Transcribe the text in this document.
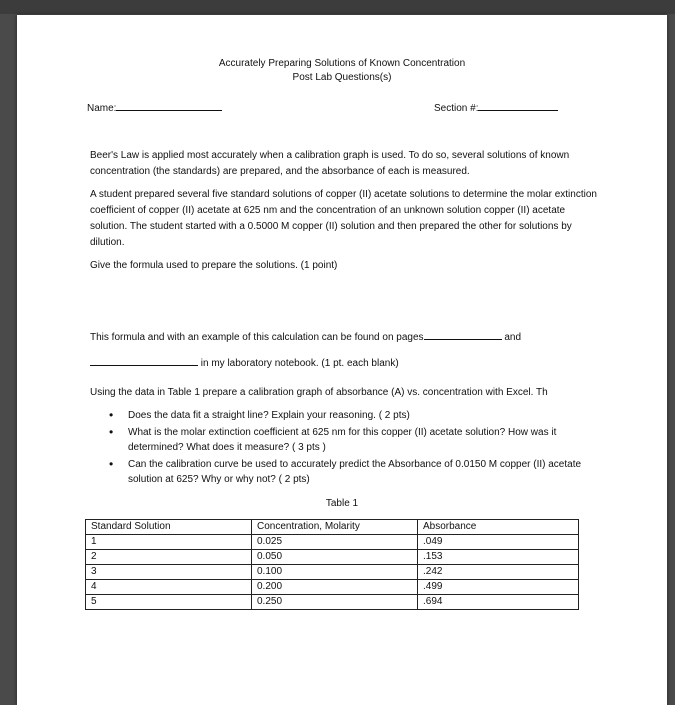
Accurately Preparing Solutions of Known Concentration
Post Lab Questions(s)
Name:	Section #:
Beer's Law is applied most accurately when a calibration graph is used. To do so, several solutions of known concentration (the standards) are prepared, and the absorbance of each is measured.
A student prepared several five standard solutions of copper (II) acetate solutions to determine the molar extinction coefficient of copper (II) acetate at 625 nm and the concentration of an unknown solution copper (II) acetate solution. The student started with a 0.5000 M copper (II) solution and then prepared the other for solutions by dilution.
Give the formula used to prepare the solutions. (1 point)
This formula and with an example of this calculation can be found on pages	and
in my laboratory notebook. (1 pt. each blank)
Using the data in Table 1 prepare a calibration graph of absorbance (A) vs. concentration with Excel. Th
• Does the data fit a straight line? Explain your reasoning. ( 2 pts)
• What is the molar extinction coefficient at 625 nm for this copper (II) acetate solution? How was it determined? What does it measure? ( 3 pts )
• Can the calibration curve be used to accurately predict the Absorbance of 0.0150 M copper (II) acetate solution at 625? Why or why not? ( 2 pts)
Table 1
Standard Solution	Concentration, Molarity	Absorbance
1	0.025	.049
2	0.050	.153
3	0.100	.242
4	0.200	.499
5	0.250	.694
